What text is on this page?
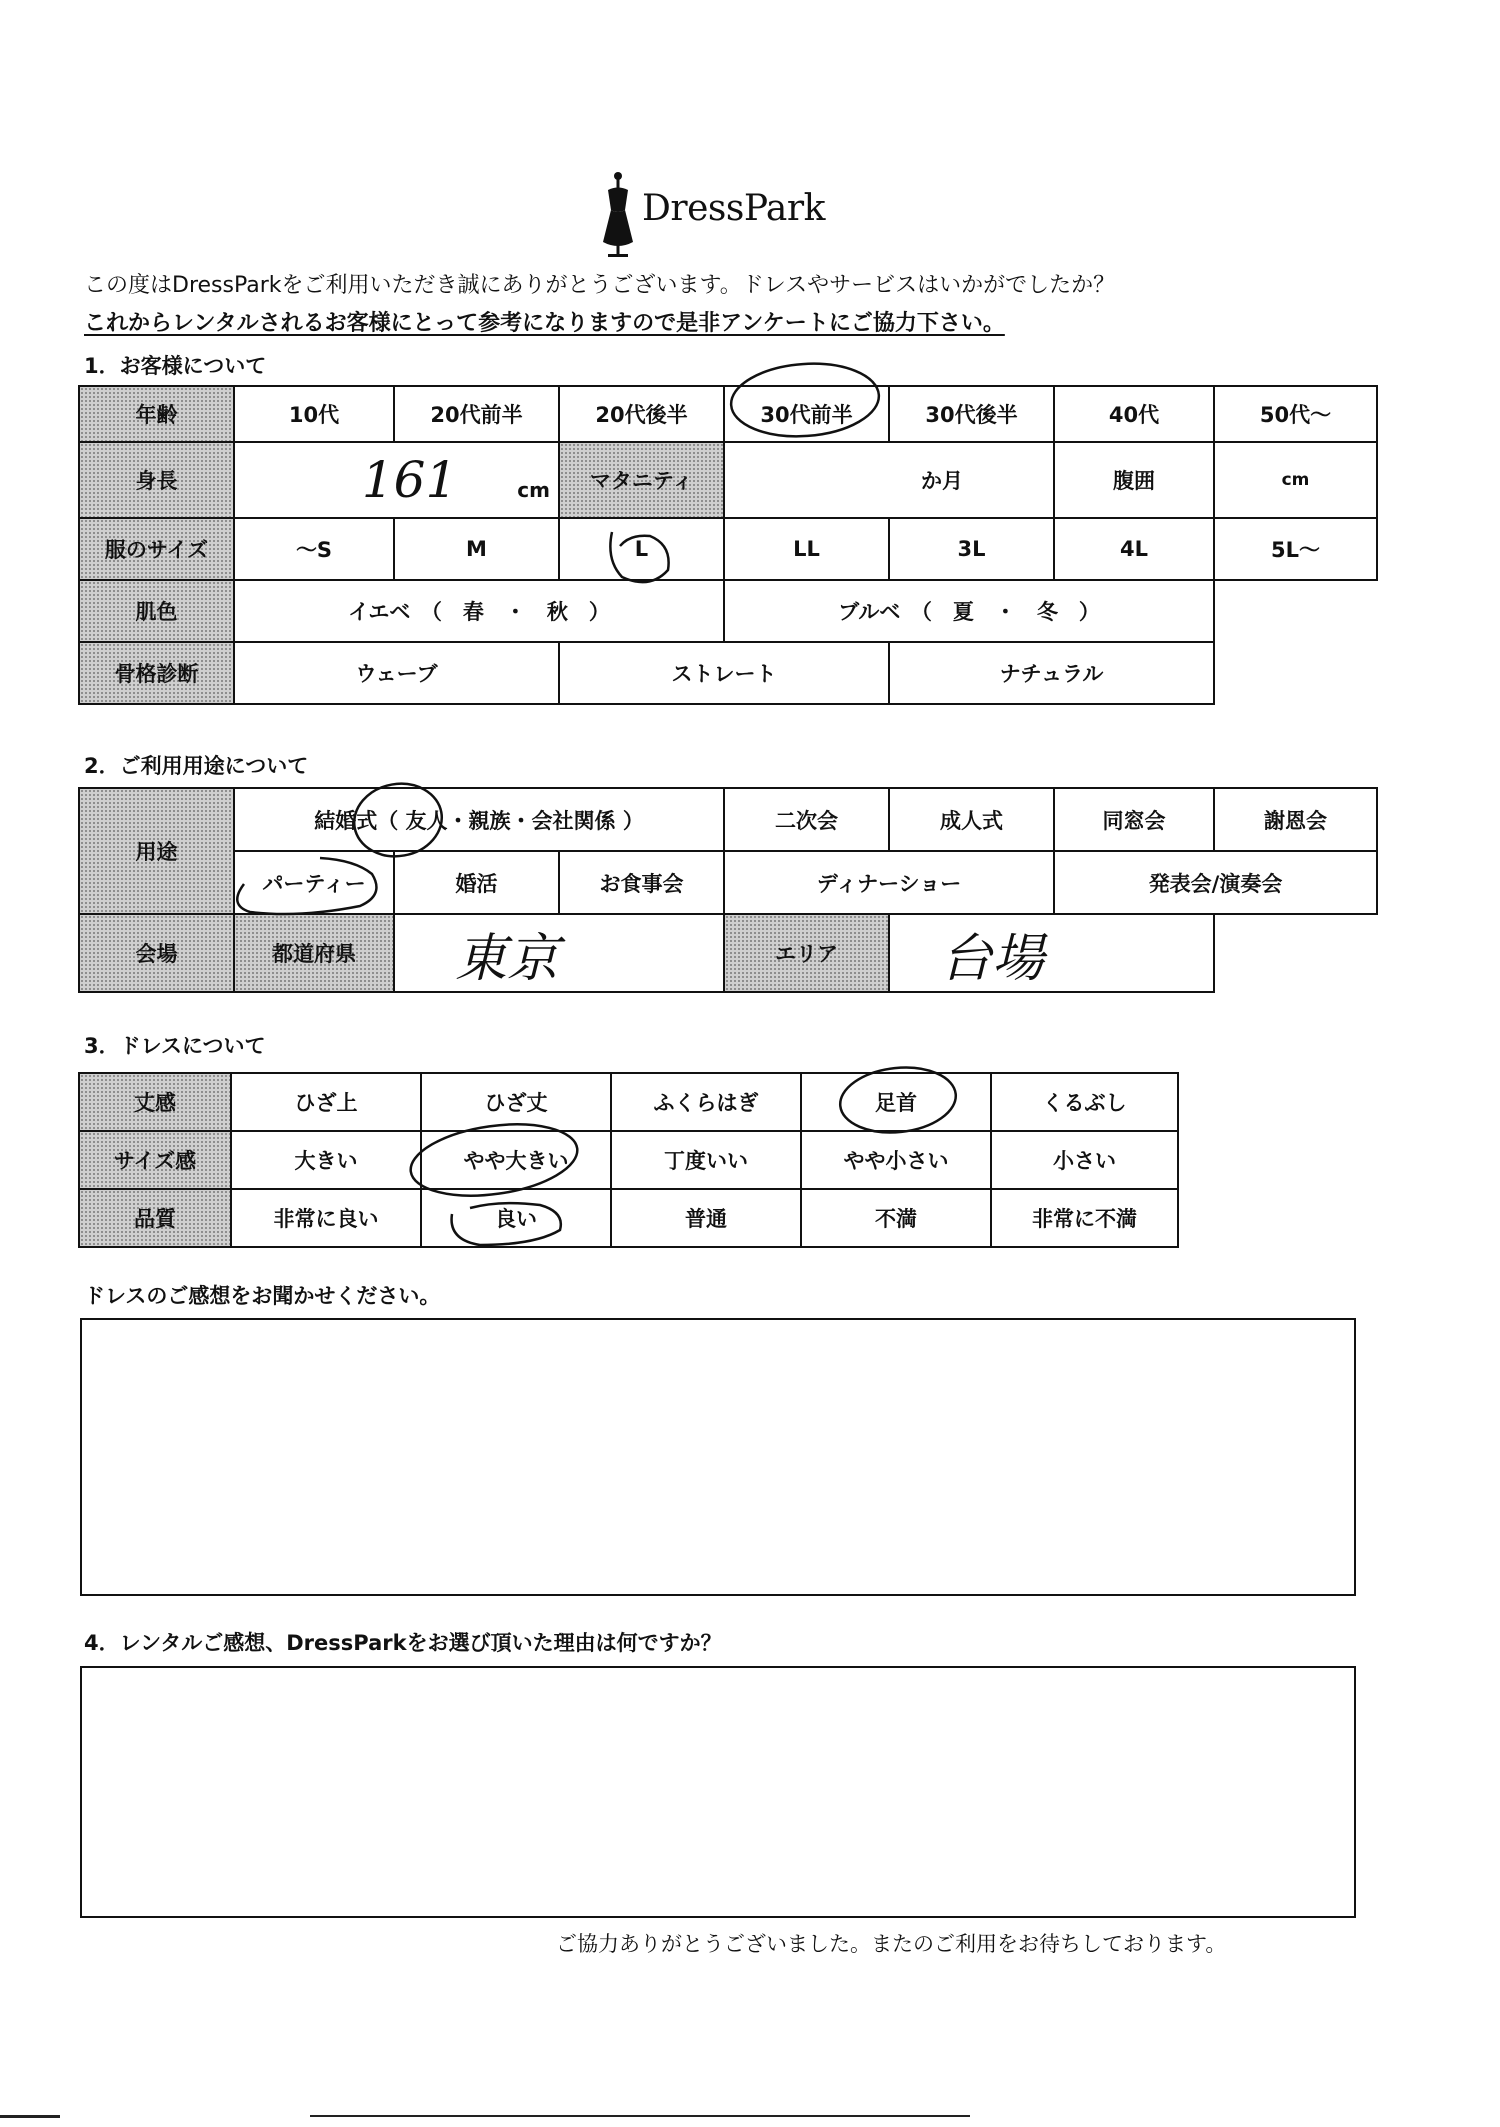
DressPark
この度はDressParkをご利用いただき誠にありがとうございます。ドレスやサービスはいかがでしたか？
これからレンタルされるお客様にとって参考になりますので是非アンケートにご協力下さい。
1．お客様について
年齢	10代	20代前半	20代後半	30代前半	30代後半	40代	50代～
身長	161 cm		マタニティ	か月		腹囲	cm
服のサイズ	～S	M	L	LL	3L	4L	5L～
肌色	イエベ　（　春　・　秋　）			ブルベ　（　夏　・　冬　）			
骨格診断	ウェーブ		ストレート		ナチュラル		
2．ご利用用途について
用途	結婚式（ 友人・親族・会社関係 ）			二次会	成人式	同窓会	謝恩会
	パーティー	婚活	お食事会	ディナーショー		発表会/演奏会	
会場	都道府県	東京		エリア	台場		
3．ドレスについて
丈感	ひざ上	ひざ丈	ふくらはぎ	足首	くるぶし
サイズ感	大きい	やや大きい	丁度いい	やや小さい	小さい
品質	非常に良い	良い	普通	不満	非常に不満
ドレスのご感想をお聞かせください。
4．レンタルご感想、DressParkをお選び頂いた理由は何ですか？
ご協力ありがとうございました。またのご利用をお待ちしております。
